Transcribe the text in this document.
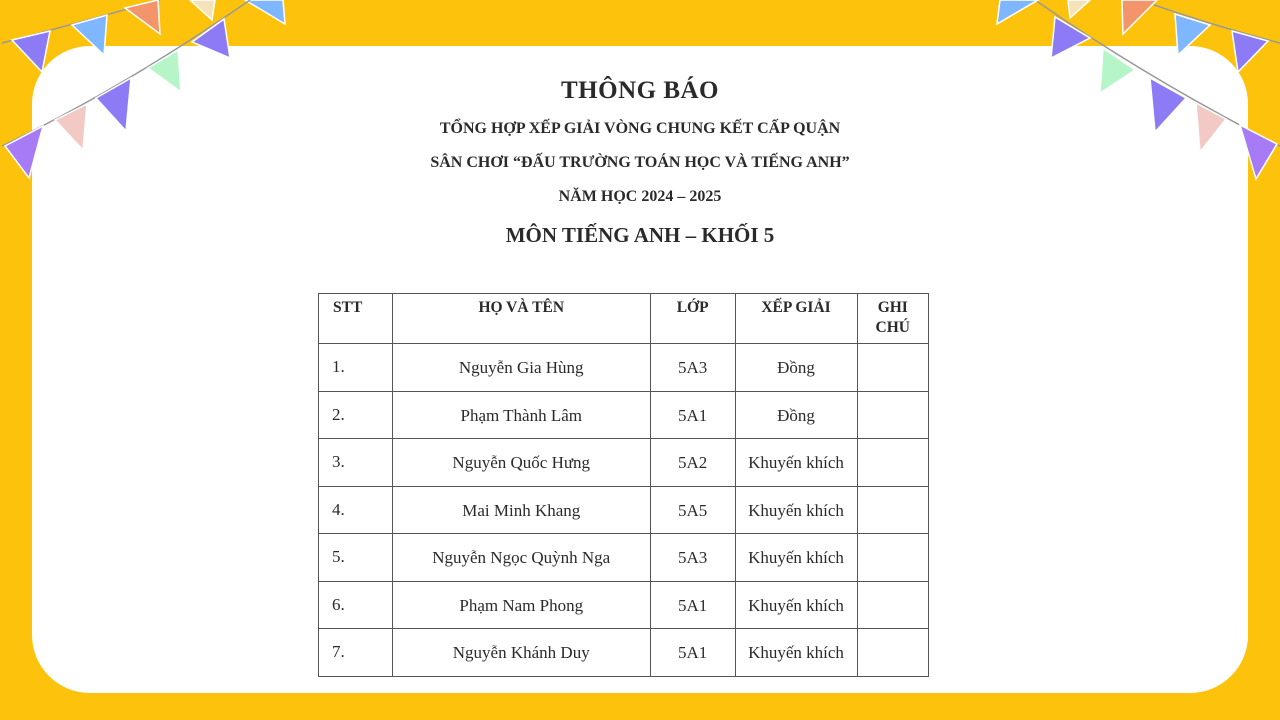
THÔNG BÁO

TỔNG HỢP XẾP GIẢI VÒNG CHUNG KẾT CẤP QUẬN

SÂN CHƠI “ĐẤU TRƯỜNG TOÁN HỌC VÀ TIẾNG ANH”

NĂM HỌC 2024 – 2025

MÔN TIẾNG ANH – KHỐI 5

STT	HỌ VÀ TÊN	LỚP	XẾP GIẢI	GHI
CHÚ
1.	Nguyễn Gia Hùng	5A3	Đồng	
2.	Phạm Thành Lâm	5A1	Đồng	
3.	Nguyễn Quốc Hưng	5A2	Khuyến khích	
4.	Mai Minh Khang	5A5	Khuyến khích	
5.	Nguyễn Ngọc Quỳnh Nga	5A3	Khuyến khích	
6.	Phạm Nam Phong	5A1	Khuyến khích	
7.	Nguyễn Khánh Duy	5A1	Khuyến khích	
